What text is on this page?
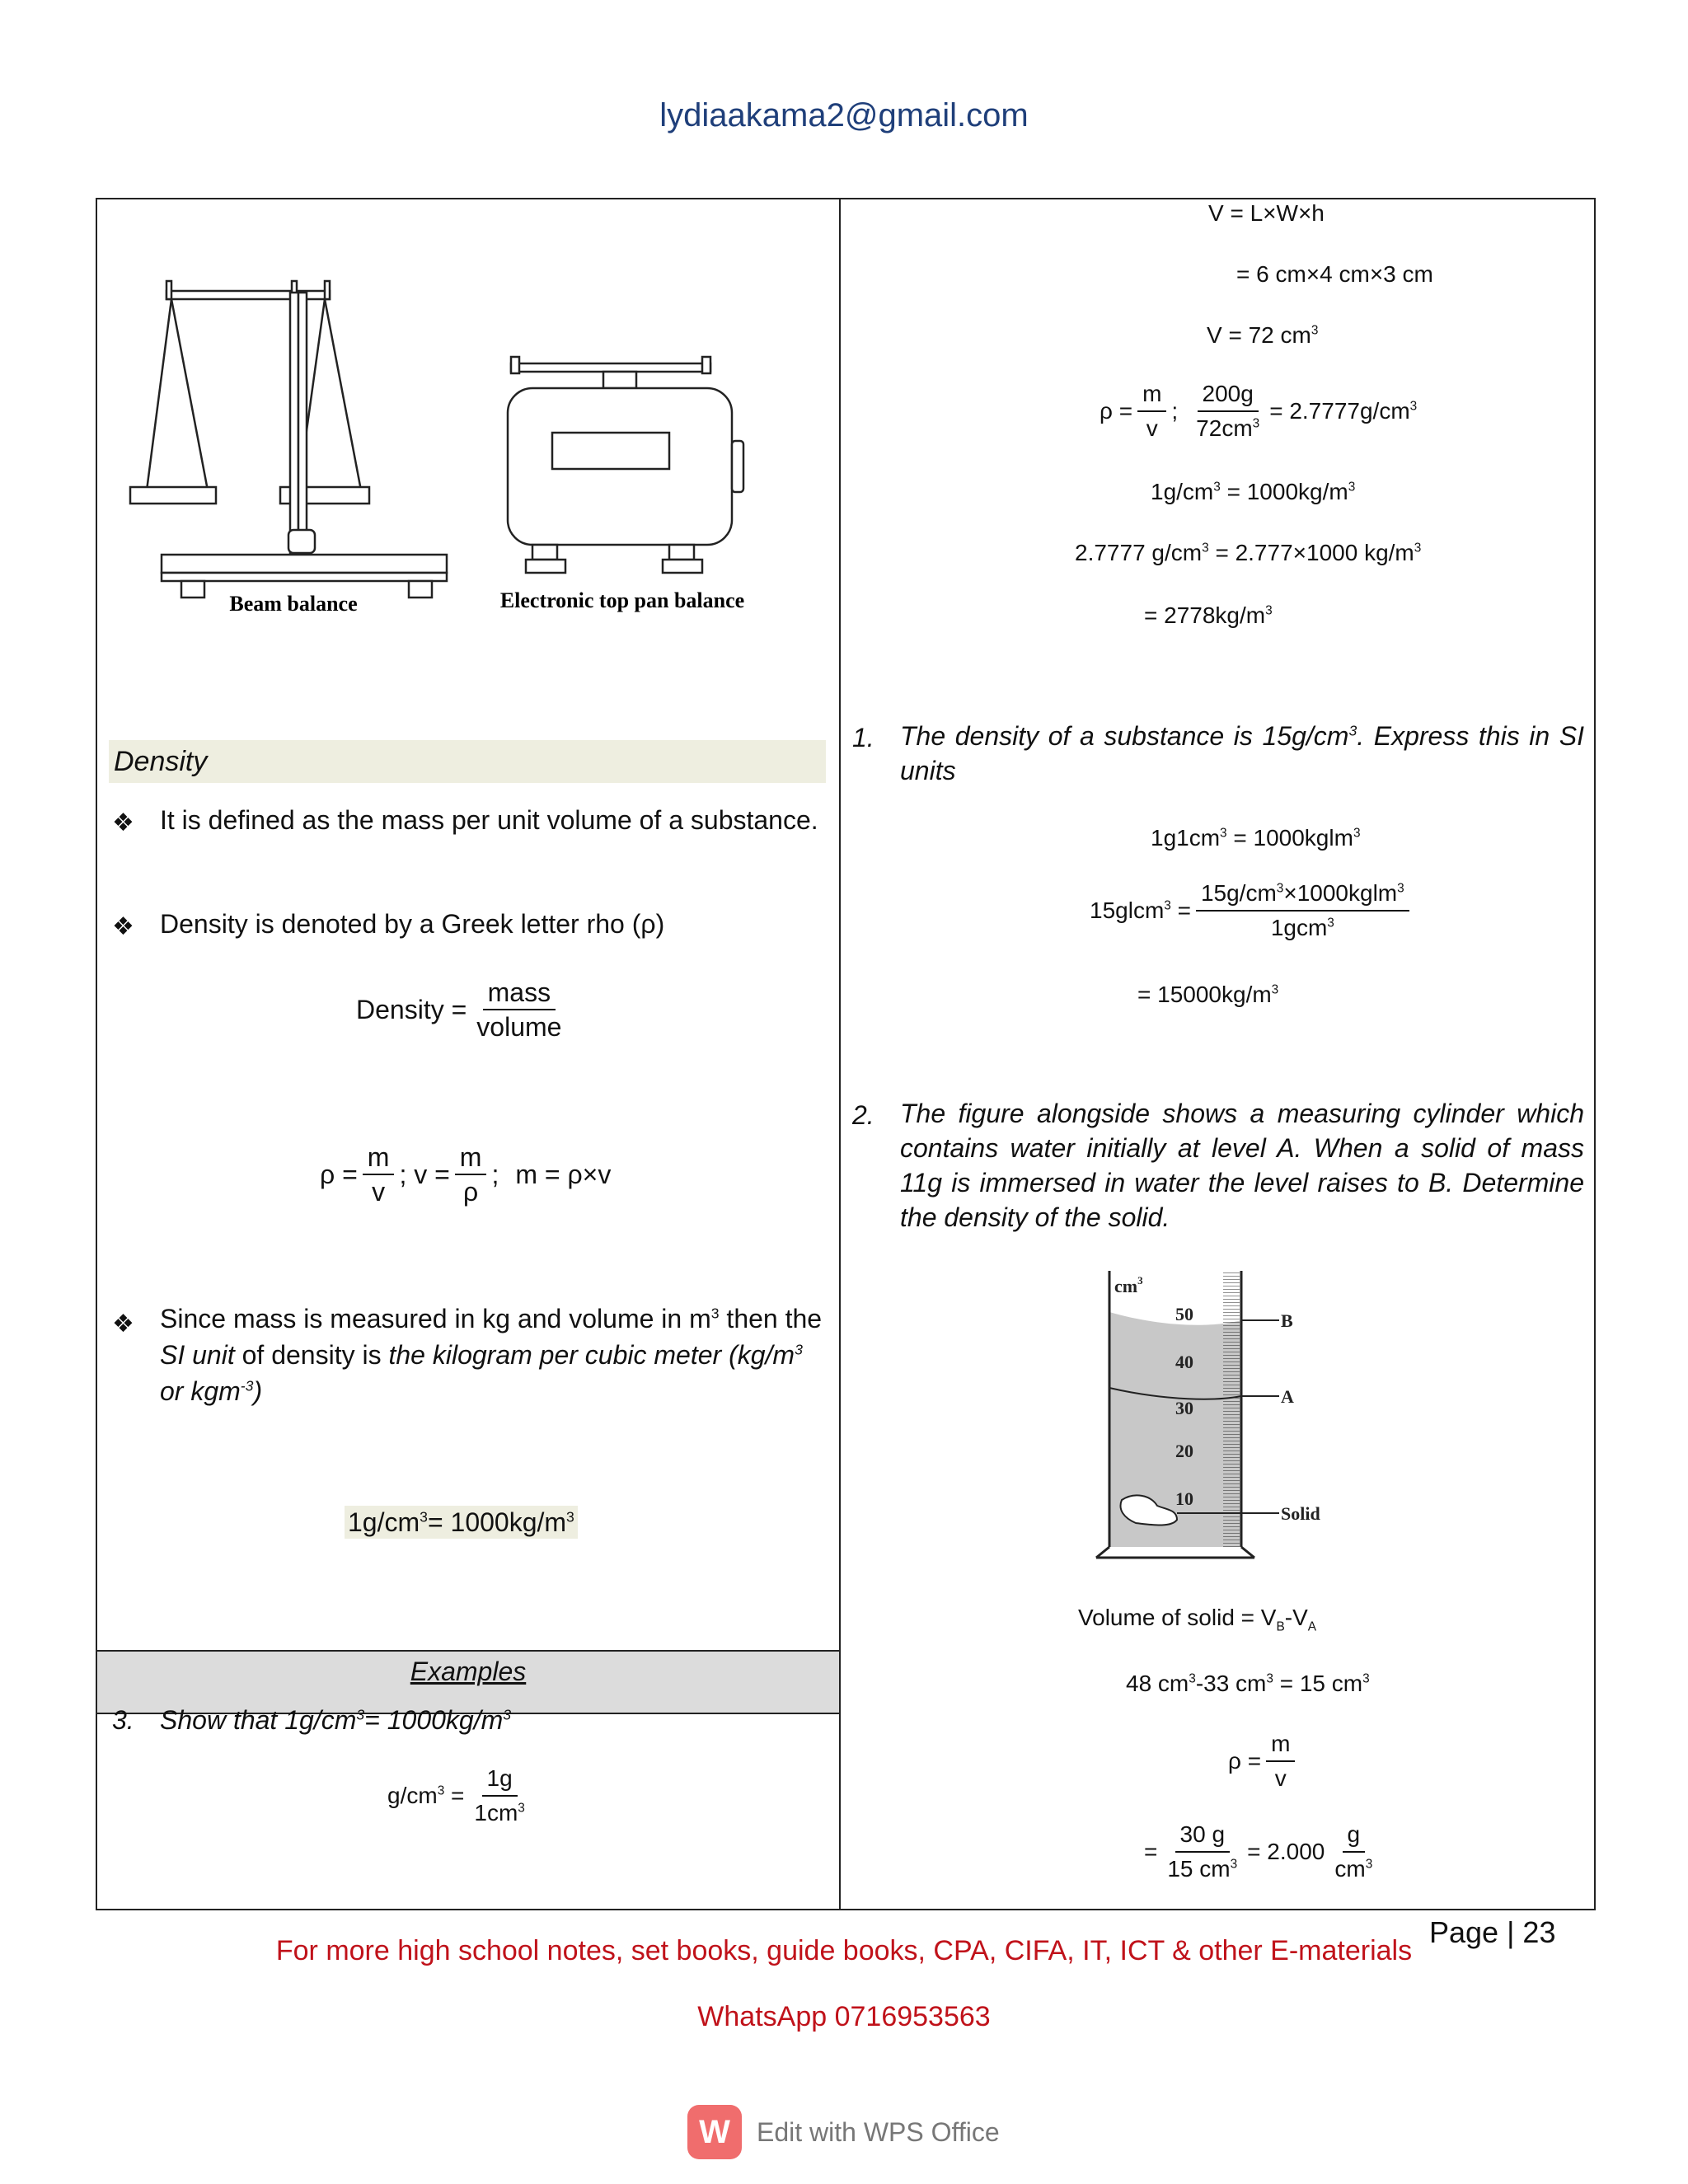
lydiaakama2@gmail.com
Beam balance	Electronic top pan balance
Density
❖ It is defined as the mass per unit volume of a substance.
❖ Density is denoted by a Greek letter rho (ρ)
Density = $\frac{\text{mass}}{\text{volume}}$
$\rho = \frac{m}{v}$ ; $v = \frac{m}{\rho}$ ; m = ρ×v
❖ Since mass is measured in kg and volume in $m^3$ then the SI unit of density is the kilogram per cubic meter ($kg/m^3$ or kgm$^{-3}$)
$1g/cm^3= 1000kg/m^3$
Examples
3. Show that $1g/cm^3= 1000kg/m^3$
$g/cm^3 = \frac{1g}{1cm^3}$
V = L×W×h
= 6 cm×4 cm×3 cm
V = 72 $cm^3$
$\rho = \frac{m}{v}$ ; $\frac{200g}{72cm^3} = 2.7777g/cm^3$
$1g/cm^3 = 1000kg/m^3$
2.7777 $g/cm^3 = 2.777\times 1000$ $kg/m^3$
= $2778kg/m^3$
1. The density of a substance is $15g/cm^3$. Express this in SI units
$1g1cm^3$ = 1000kglm$^3$
15glcm$^3$ = $\frac{15g/cm^3\times 1000kglm^3}{1gcm^3}$
= $15000kg/m^3$
2. The figure alongside shows a measuring cylinder which contains water initially at level A. When a solid of mass 11g is immersed in water the level raises to B. Determine the density of the solid.
$cm^3$
50
40
30
20
10
B
A
Solid
Volume of solid = $V_B-V_A$
48 $cm^3-33$ $cm^3 = 15$ $cm^3$
$\rho = \frac{m}{v}$
= $\frac{30 g}{15 cm^3} = 2.000 \frac{g}{cm^3}$
Page | 23
For more high school notes, set books, guide books, CPA, CIFA, IT, ICT & other E-materials
WhatsApp 0716953563
W	Edit with WPS Office
